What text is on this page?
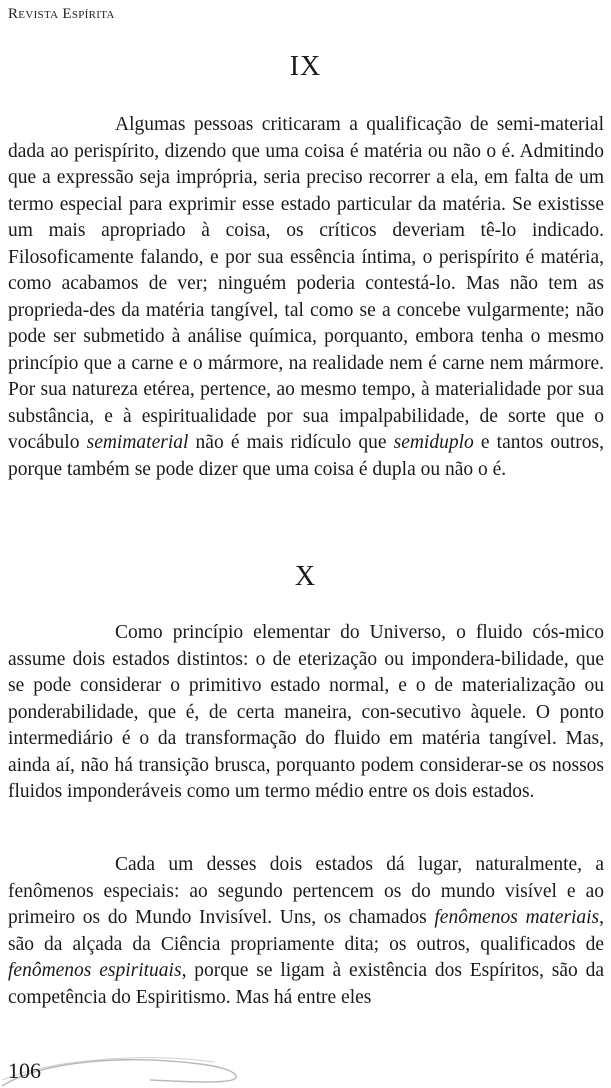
Revista Espírita
IX

Algumas pessoas criticaram a qualificação de semi-material dada ao perispírito, dizendo que uma coisa é matéria ou não o é. Admitindo que a expressão seja imprópria, seria preciso recorrer a ela, em falta de um termo especial para exprimir esse estado particular da matéria. Se existisse um mais apropriado à coisa, os críticos deveriam tê-lo indicado. Filosoficamente falando, e por sua essência íntima, o perispírito é matéria, como acabamos de ver; ninguém poderia contestá-lo. Mas não tem as proprieda-des da matéria tangível, tal como se a concebe vulgarmente; não pode ser submetido à análise química, porquanto, embora tenha o mesmo princípio que a carne e o mármore, na realidade nem é carne nem mármore. Por sua natureza etérea, pertence, ao mesmo tempo, à materialidade por sua substância, e à espiritualidade por sua impalpabilidade, de sorte que o vocábulo semimaterial não é mais ridículo que semiduplo e tantos outros, porque também se pode dizer que uma coisa é dupla ou não o é.

X

Como princípio elementar do Universo, o fluido cós-mico assume dois estados distintos: o de eterização ou impondera-bilidade, que se pode considerar o primitivo estado normal, e o de materialização ou ponderabilidade, que é, de certa maneira, con-secutivo àquele. O ponto intermediário é o da transformação do fluido em matéria tangível. Mas, ainda aí, não há transição brusca, porquanto podem considerar-se os nossos fluidos imponderáveis como um termo médio entre os dois estados.

Cada um desses dois estados dá lugar, naturalmente, a fenômenos especiais: ao segundo pertencem os do mundo visível e ao primeiro os do Mundo Invisível. Uns, os chamados fenômenos materiais, são da alçada da Ciência propriamente dita; os outros, qualificados de fenômenos espirituais, porque se ligam à existência dos Espíritos, são da competência do Espiritismo. Mas há entre eles

106
